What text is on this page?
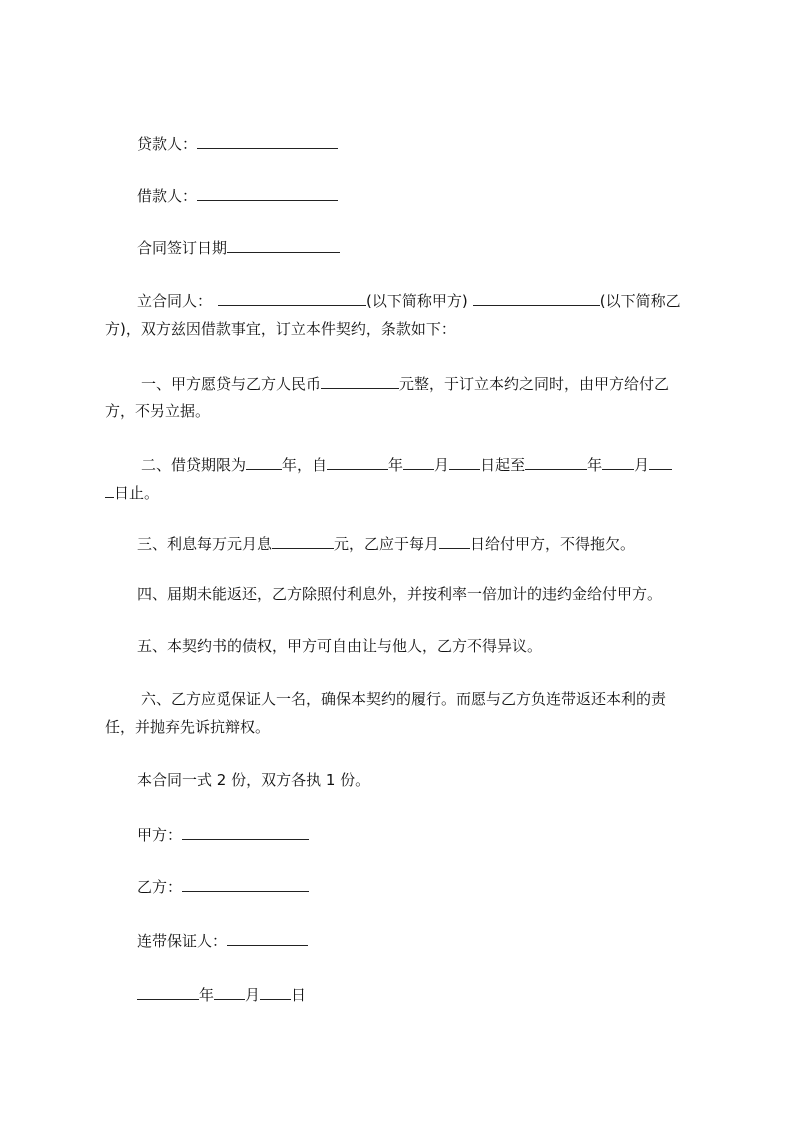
贷款人：
借款人：
合同签订日期
立合同人：	(以下简称甲方)	(以下简称乙
方)，双方兹因借款事宜，订立本件契约，条款如下：
一、甲方愿贷与乙方人民币	元整，于订立本约之同时，由甲方给付乙
方，不另立据。
二、借贷期限为 年，自	年 月 日起至	年 月
日止。
三、利息每万元月息	元，乙应于每月 日给付甲方，不得拖欠。
四、届期未能返还，乙方除照付利息外，并按利率一倍加计的违约金给付甲方。
五、本契约书的债权，甲方可自由让与他人，乙方不得异议。
六、乙方应觅保证人一名，确保本契约的履行。而愿与乙方负连带返还本利的责
任，并抛弃先诉抗辩权。
本合同一式 2 份，双方各执 1 份。
甲方：
乙方：
连带保证人：
年 月 日
